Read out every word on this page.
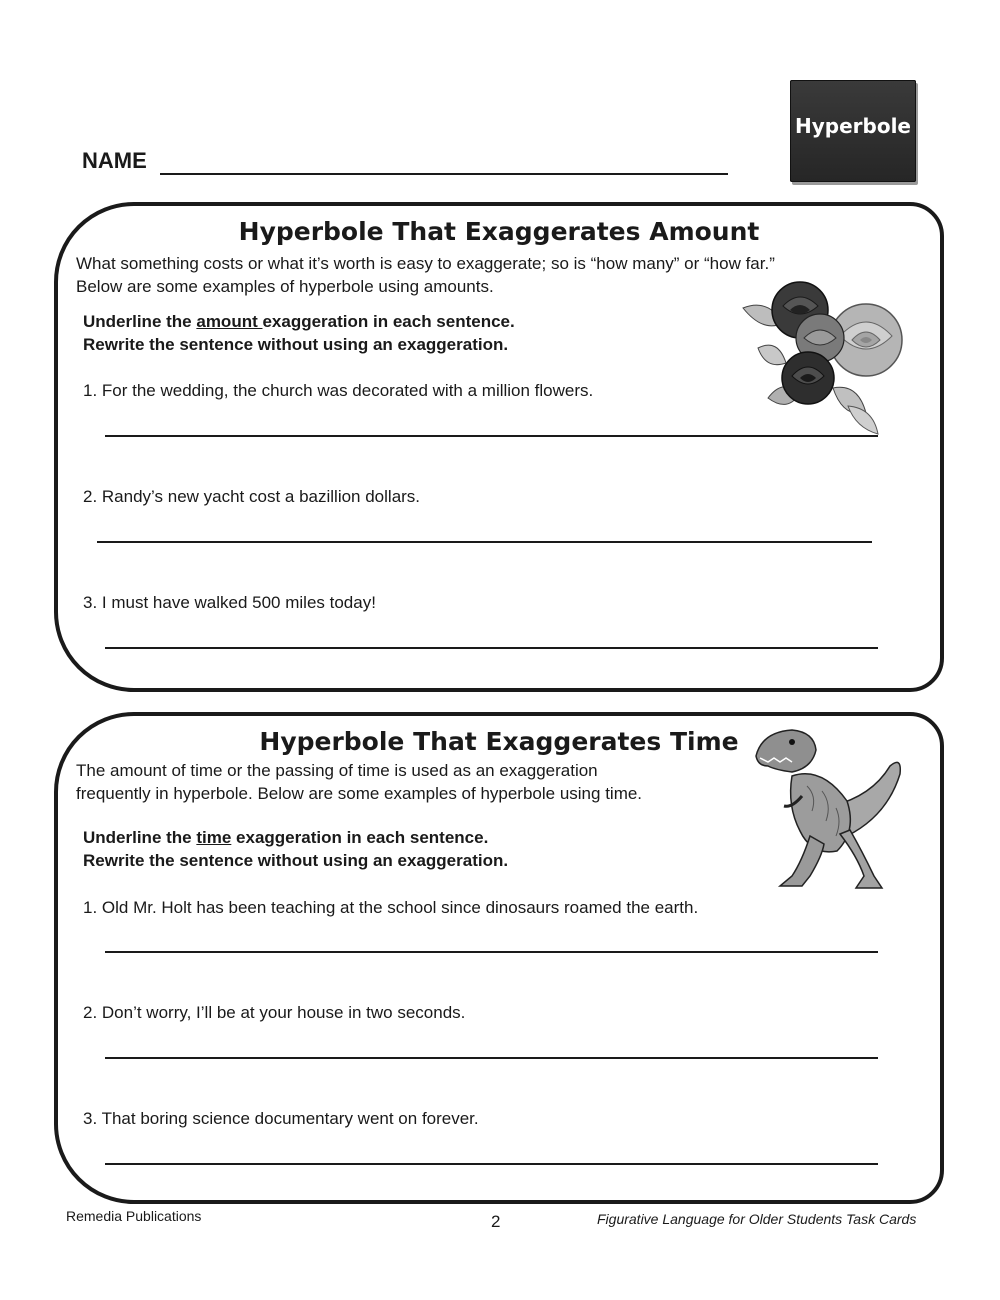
Hyperbole
NAME
Hyperbole That Exaggerates Amount
What something costs or what it’s worth is easy to exaggerate; so is “how many” or “how far.”
Below are some examples of hyperbole using amounts.
Underline the amount exaggeration in each sentence.
Rewrite the sentence without using an exaggeration.
1. For the wedding, the church was decorated with a million flowers.
2. Randy’s new yacht cost a bazillion dollars.
3. I must have walked 500 miles today!
Hyperbole That Exaggerates Time
The amount of time or the passing of time is used as an exaggeration
frequently in hyperbole. Below are some examples of hyperbole using time.
Underline the time exaggeration in each sentence.
Rewrite the sentence without using an exaggeration.
1. Old Mr. Holt has been teaching at the school since dinosaurs roamed the earth.
2. Don’t worry, I’ll be at your house in two seconds.
3. That boring science documentary went on forever.
Remedia Publications	2	Figurative Language for Older Students Task Cards
